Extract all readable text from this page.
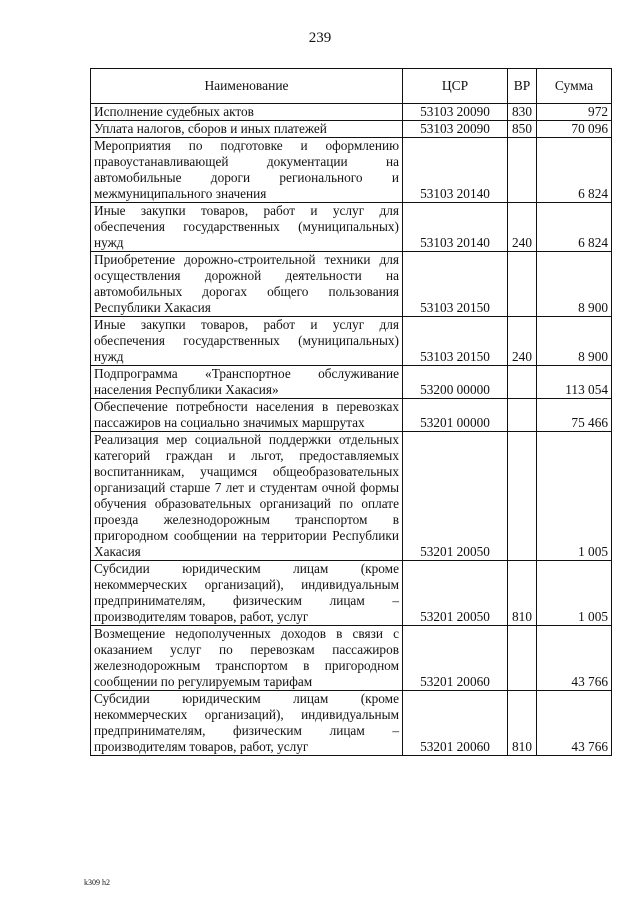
239
Наименование	ЦСР	ВР	Сумма
Исполнение судебных актов	53103 20090	830	972
Уплата налогов, сборов и иных платежей	53103 20090	850	70 096
Мероприятия по подготовке и оформлению правоустанавливающей документации на автомобильные дороги регионального и межмуниципального значения	53103 20140		6 824
Иные закупки товаров, работ и услуг для обеспечения государственных (муниципальных) нужд	53103 20140	240	6 824
Приобретение дорожно-строительной техники для осуществления дорожной деятельности на автомобильных дорогах общего пользования Республики Хакасия	53103 20150		8 900
Иные закупки товаров, работ и услуг для обеспечения государственных (муниципальных) нужд	53103 20150	240	8 900
Подпрограмма «Транспортное обслуживание населения Республики Хакасия»	53200 00000		113 054
Обеспечение потребности населения в перевозках пассажиров на социально значимых маршрутах	53201 00000		75 466
Реализация мер социальной поддержки отдельных категорий граждан и льгот, предоставляемых воспитанникам, учащимся общеобразовательных организаций старше 7 лет и студентам очной формы обучения образовательных организаций по оплате проезда железнодорожным транспортом в пригородном сообщении на территории Республики Хакасия	53201 20050		1 005
Субсидии юридическим лицам (кроме некоммерческих организаций), индивидуальным предпринимателям, физическим лицам – производителям товаров, работ, услуг	53201 20050	810	1 005
Возмещение недополученных доходов в связи с оказанием услуг по перевозкам пассажиров железнодорожным транспортом в пригородном сообщении по регулируемым тарифам	53201 20060		43 766
Субсидии юридическим лицам (кроме некоммерческих организаций), индивидуальным предпринимателям, физическим лицам – производителям товаров, работ, услуг	53201 20060	810	43 766
k309 h2
